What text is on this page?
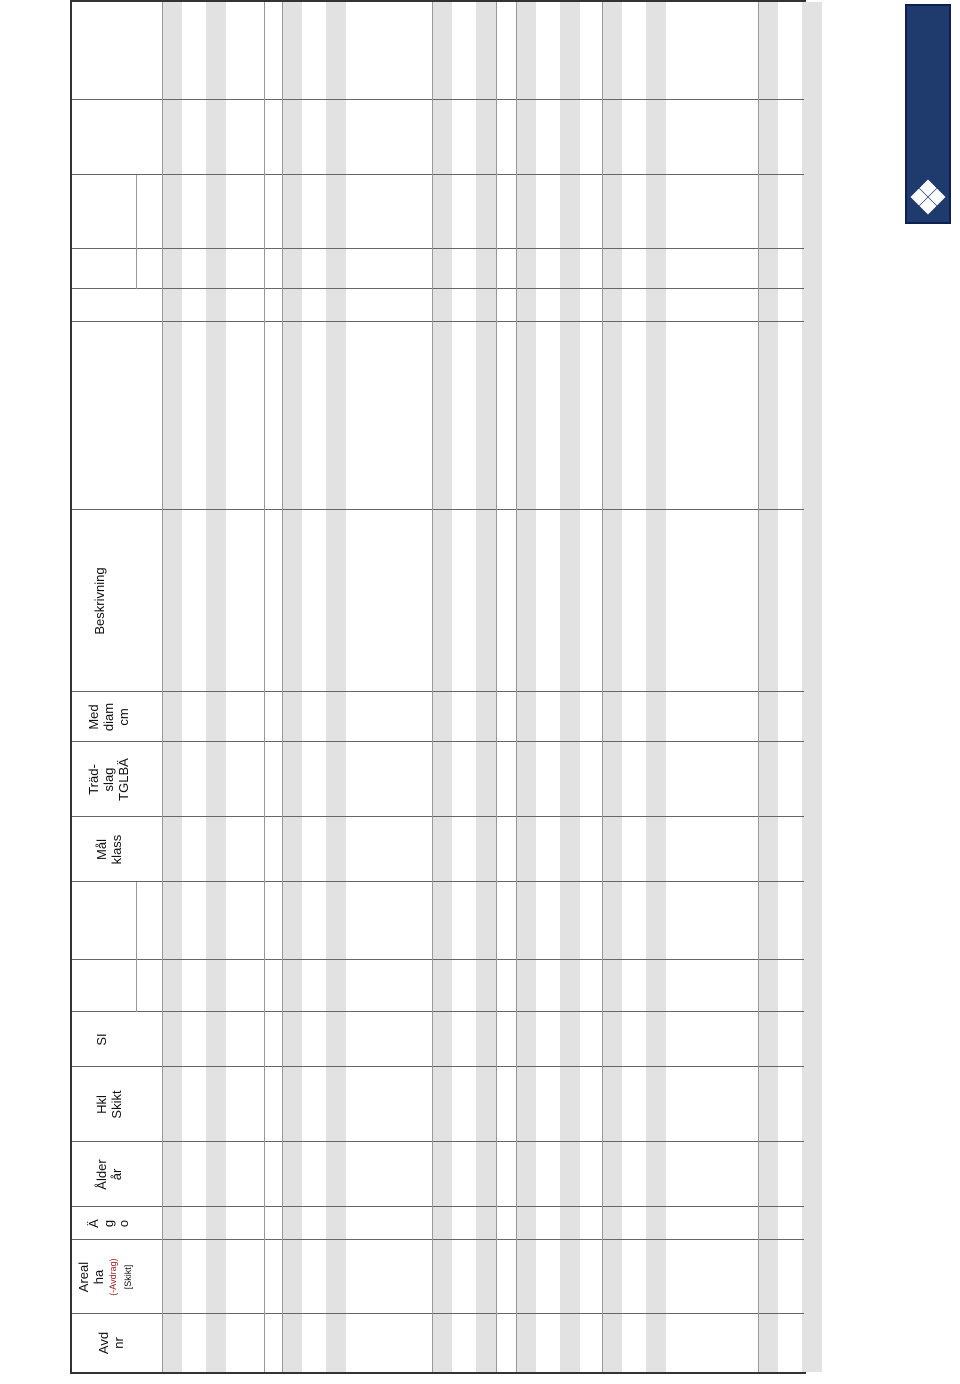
Avd nr
Areal ha (-Avdrag) [Skikt]
Ä g o
Ålder år
Hkl Skikt
SI
Mål klass
Träd- slag TGLBÄ
Med diam cm
Beskrivning
